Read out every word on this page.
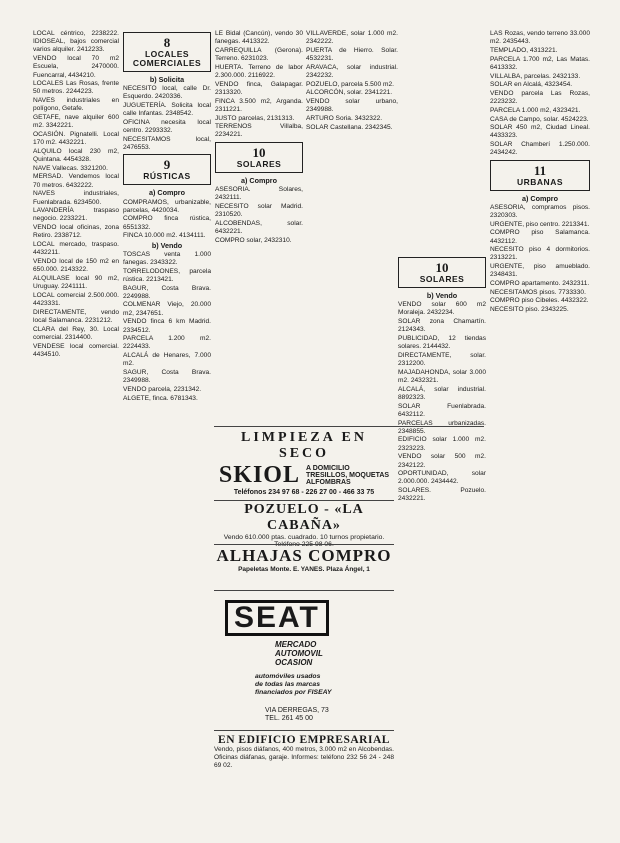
LOCAL céntrico, 2238222. IDIOSEAL, bajos comercial varios alquiler. 2412233.

VENDO local 70 m2 Escuela, 2470000. Fuencarral, 4434210.

LOCALES Las Rosas, frente 50 metros. 2244223.

NAVES industriales en polígono, Getafe.

GETAFE, nave alquiler 600 m2. 3342221.

OCASIÓN. Pignatelli. Local 170 m2. 4432221.

ALQUILO local 230 m2, Quintana. 4454328.

NAVE Vallecas. 3321200.

MERSAD. Vendemos local 70 metros. 6432222.

NAVES industriales, Fuenlabrada. 6234500.

LAVANDERÍA traspaso negocio. 2233221.

VENDO local oficinas, zona Retiro. 2338712.

LOCAL mercado, traspaso. 4432211.

VENDO local de 150 m2 en 650.000. 2143322.

ALQUILASE local 90 m2, Uruguay. 2241111.

LOCAL comercial 2.500.000. 4423331.

DIRECTAMENTE, vendo local Salamanca. 2231212.

CLARA del Rey, 30. Local comercial. 2314400.

VENDESE local comercial. 4434510.

8
LOCALES COMERCIALES
b) Solicita

NECESITO local, calle Dr. Esquerdo. 2420336.

JUGUETERÍA. Solicita local calle Infantas. 2348542.

OFICINA necesita local centro. 2293332.

NECESITAMOS local, 2476553.

9
RÚSTICAS
a) Compro

COMPRAMOS, urbanizable, parcelas, 4420034.

COMPRO finca rústica, 6551332.

FINCA 10.000 m2. 4134111.

b) Vendo

TOSCAS venta 1.000 fanegas. 2343322.

TORRELODONES, parcela rústica. 2213421.

BAGUR, Costa Brava. 2249988.

COLMENAR Viejo, 20.000 m2, 2347651.

VENDO finca 6 km Madrid. 2334512.

PARCELA 1.200 m2. 2224433.

ALCALÁ de Henares, 7.000 m2.

SAGUR, Costa Brava. 2349988.

VENDO parcela, 2231342.

ALGETE, finca. 6781343.

LE Bidal (Cancún), vendo 30 fanegas. 4413322.

CARREQUILLA (Gerona). Terreno. 6231023.

HUERTA. Terreno de labor 2.300.000. 2116922.

VENDO finca, Galapagar. 2313320.

FINCA 3.500 m2, Arganda. 2311221.

JUSTO parcelas, 2131313.

TERRENOS Villalba, 2234221.

10
SOLARES
a) Compro

ASESORIA. Solares, 2432111.

NECESITO solar Madrid. 2310520.

ALCOBENDAS, solar. 6432221.

COMPRO solar, 2432310.

VILLAVERDE, solar 1.000 m2. 2342222.

PUERTA de Hierro. Solar. 4532231.

ARAVACA, solar industrial. 2342232.

POZUELO, parcela 5.500 m2.

ALCORCÓN, solar. 2341221.

VENDO solar urbano, 2349988.

ARTURO Soria. 3432322.

SOLAR Castellana. 2342345.

10
SOLARES
b) Vendo

VENDO solar 600 m2 Moraleja. 2432234.

SOLAR zona Chamartín. 2124343.

PUBLICIDAD, 12 tiendas solares. 2144432.

DIRECTAMENTE, solar. 2312200.

MAJADAHONDA, solar 3.000 m2. 2432321.

ALCALÁ, solar industrial. 8892323.

SOLAR Fuenlabrada. 6432112.

PARCELAS urbanizadas. 2348855.

EDIFICIO solar 1.000 m2. 2323223.

VENDO solar 500 m2. 2342122.

OPORTUNIDAD, solar 2.000.000. 2434442.

SOLARES. Pozuelo. 2432221.

LAS Rozas, vendo terreno 33.000 m2. 2435443.

TEMPLADO, 4313221.

PARCELA 1.700 m2, Las Matas. 6413332.

VILLALBA, parcelas. 2432133.

SOLAR en Alcalá, 4323454.

VENDO parcela Las Rozas, 2223232.

PARCELA 1.000 m2, 4323421.

CASA de Campo, solar. 4524223.

SOLAR 450 m2, Ciudad Lineal. 4433323.

SOLAR Chamberí 1.250.000. 2434242.

11
URBANAS
a) Compro

ASESORIA, compramos pisos. 2320303.

URGENTE, piso centro. 2213341.

COMPRO piso Salamanca. 4432112.

NECESITO piso 4 dormitorios. 2313221.

URGENTE, piso amueblado. 2348431.

COMPRO apartamento. 2432311.

NECESITAMOS pisos. 7733330.

COMPRO piso Cibeles. 4432322.

NECESITO piso. 2343225.

LIMPIEZA EN SECO
SKIOL A DOMICILIO
TRESILLOS, MOQUETAS
ALFOMBRAS
Teléfonos 234 97 68 - 226 27 00 - 466 33 75
POZUELO - «LA CABAÑA»
Vendo 610.000 ptas. cuadrado. 10 turnos propietario. Teléfono 225 98 06.
ALHAJAS COMPRO
Papeletas Monte. E. YANES. Plaza Ángel, 1
SEAT
MERCADO
AUTOMOVIL
OCASION
automóviles usados
de todas las marcas
financiados por FISEAY
VIA DERREGAS, 73
TEL. 261 45 00
EN EDIFICIO EMPRESARIAL
Vendo, pisos diáfanos, 400 metros, 3.000 m2 en Alcobendas. Oficinas diáfanas, garaje. Informes: teléfono 232 56 24 - 248 69 02.
